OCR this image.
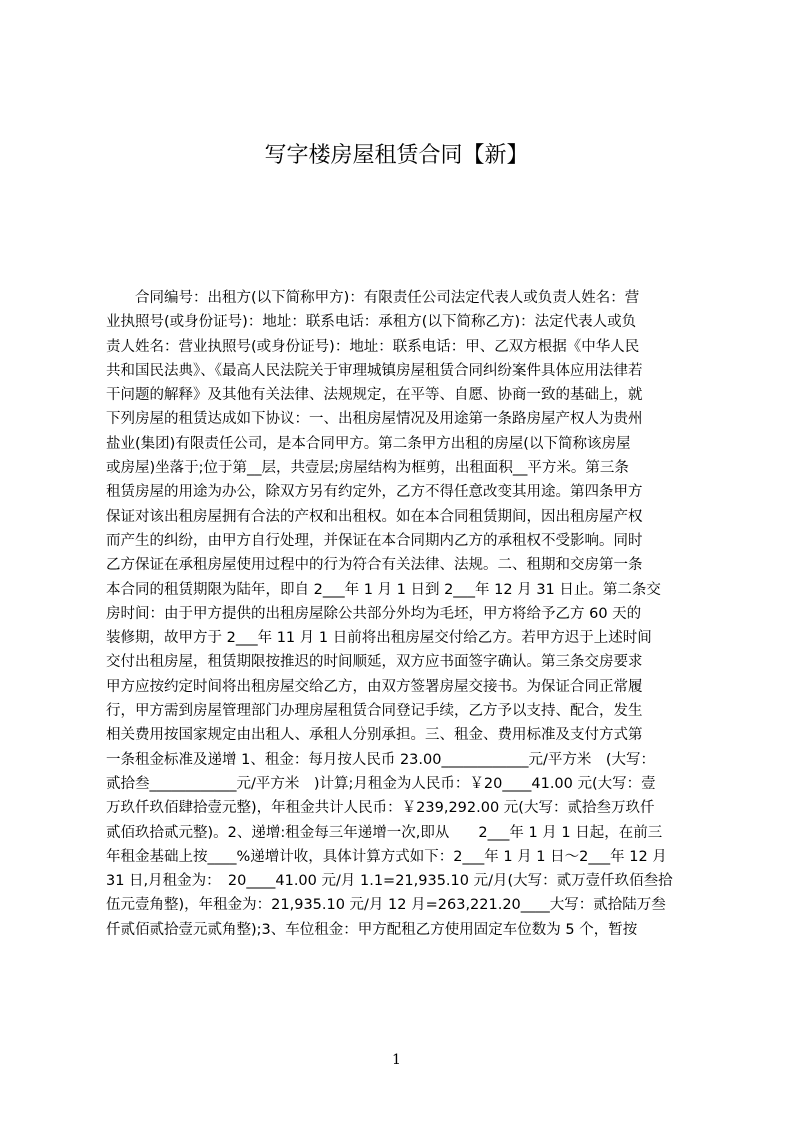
写字楼房屋租赁合同【新】
　　合同编号：出租方(以下简称甲方)：有限责任公司法定代表人或负责人姓名：营
业执照号(或身份证号)：地址：联系电话：承租方(以下简称乙方)：法定代表人或负
责人姓名：营业执照号(或身份证号)：地址：联系电话：甲、乙双方根据《中华人民
共和国民法典》、《最高人民法院关于审理城镇房屋租赁合同纠纷案件具体应用法律若
干问题的解释》及其他有关法律、法规规定，在平等、自愿、协商一致的基础上，就
下列房屋的租赁达成如下协议：一、出租房屋情况及用途第一条路房屋产权人为贵州
盐业(集团)有限责任公司，是本合同甲方。第二条甲方出租的房屋(以下简称该房屋
或房屋)坐落于;位于第__层，共壹层;房屋结构为框剪，出租面积__平方米。第三条
租赁房屋的用途为办公，除双方另有约定外，乙方不得任意改变其用途。第四条甲方
保证对该出租房屋拥有合法的产权和出租权。如在本合同租赁期间，因出租房屋产权
而产生的纠纷，由甲方自行处理，并保证在本合同期内乙方的承租权不受影响。同时
乙方保证在承租房屋使用过程中的行为符合有关法律、法规。二、租期和交房第一条
本合同的租赁期限为陆年，即自 2___年 1 月 1 日到 2___年 12 月 31 日止。第二条交
房时间：由于甲方提供的出租房屋除公共部分外均为毛坯，甲方将给予乙方 60 天的
装修期，故甲方于 2___年 11 月 1 日前将出租房屋交付给乙方。若甲方迟于上述时间
交付出租房屋，租赁期限按推迟的时间顺延，双方应书面签字确认。第三条交房要求
甲方应按约定时间将出租房屋交给乙方，由双方签署房屋交接书。为保证合同正常履
行，甲方需到房屋管理部门办理房屋租赁合同登记手续，乙方予以支持、配合，发生
相关费用按国家规定由出租人、承租人分别承担。三、租金、费用标准及支付方式第
一条租金标准及递增 1、租金：每月按人民币 23.00____________元/平方米　(大写：
贰拾叁____________元/平方米　)计算;月租金为人民币：￥20____41.00 元(大写：壹
万玖仟玖佰肆拾壹元整)，年租金共计人民币：￥239,292.00 元(大写：贰拾叁万玖仟
贰佰玖拾贰元整)。2、递增:租金每三年递增一次,即从　　2___年 1 月 1 日起，在前三
年租金基础上按____%递增计收，具体计算方式如下：2___年 1 月 1 日～2___年 12 月
31 日,月租金为：　20____41.00 元/月 1.1=21,935.10 元/月(大写：贰万壹仟玖佰叁拾
伍元壹角整)，年租金为：21,935.10 元/月 12 月=263,221.20____大写：贰拾陆万叁
仟贰佰贰拾壹元贰角整);3、车位租金：甲方配租乙方使用固定车位数为 5 个，暂按
1
